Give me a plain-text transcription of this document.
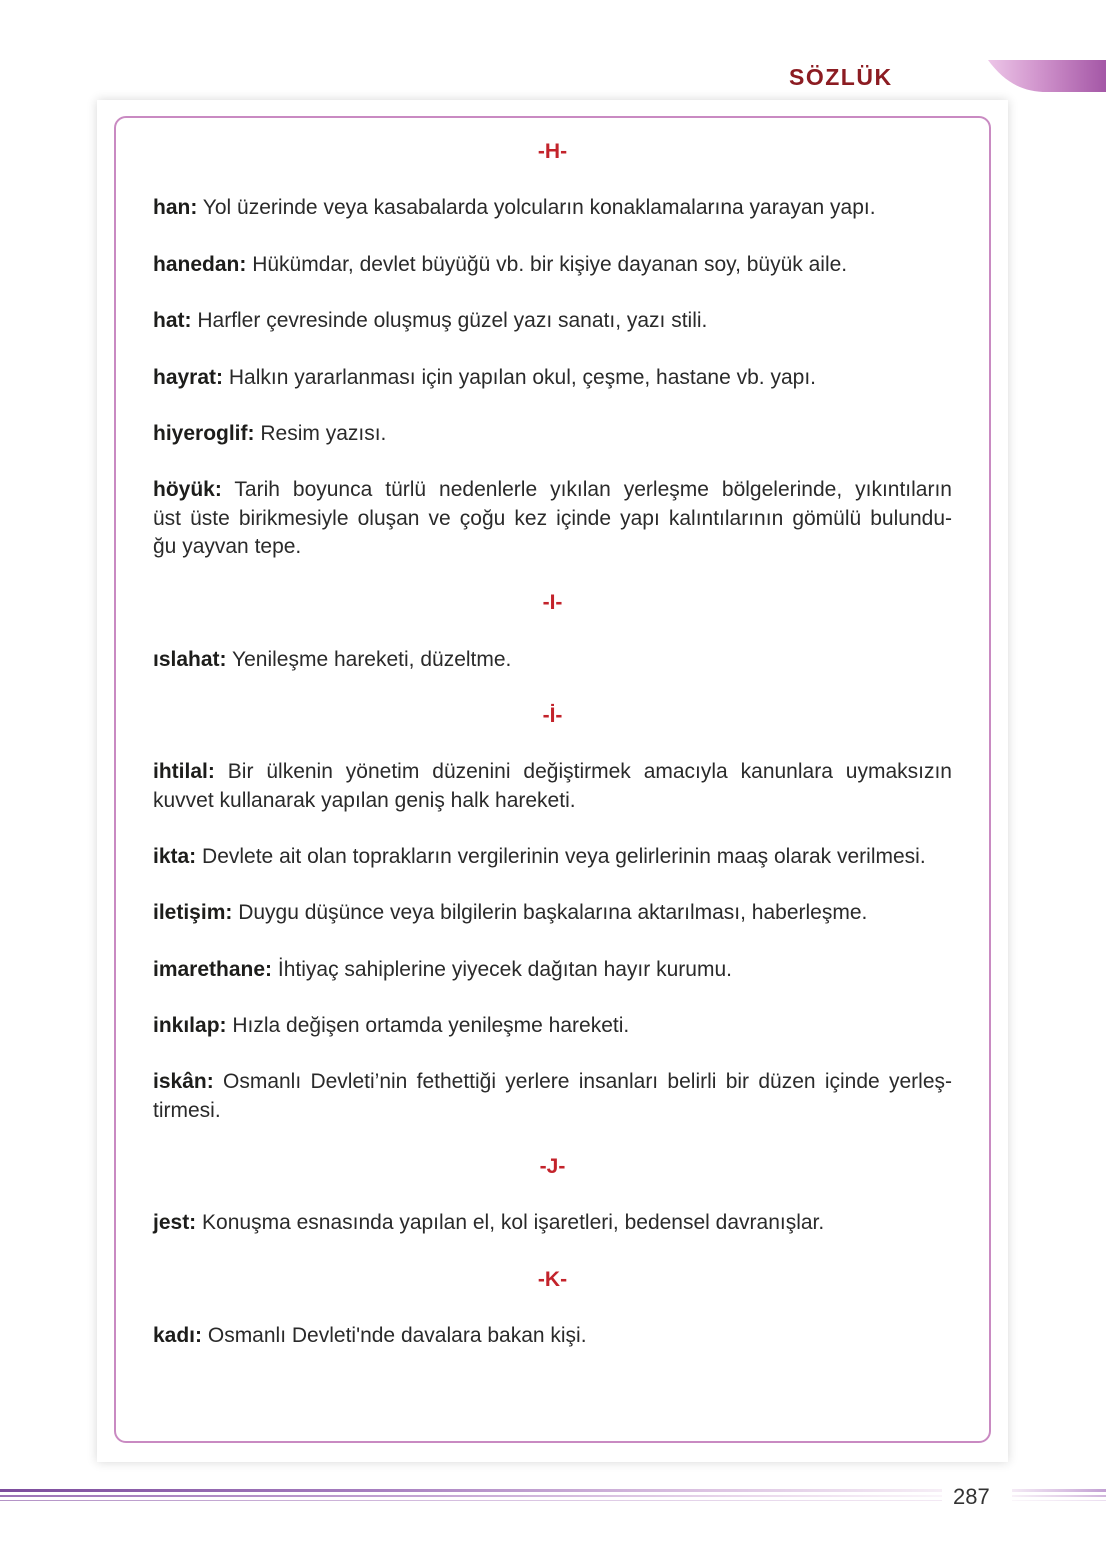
SÖZLÜK
-H-
han: Yol üzerinde veya kasabalarda yolcuların konaklamalarına yarayan yapı.
hanedan: Hükümdar, devlet büyüğü vb. bir kişiye dayanan soy, büyük aile.
hat: Harfler çevresinde oluşmuş güzel yazı sanatı, yazı stili.
hayrat: Halkın yararlanması için yapılan okul, çeşme, hastane vb. yapı.
hiyeroglif: Resim yazısı.
höyük: Tarih boyunca türlü nedenlerle yıkılan yerleşme bölgelerinde, yıkıntıların
üst üste birikmesiyle oluşan ve çoğu kez içinde yapı kalıntılarının gömülü bulundu-
ğu yayvan tepe.
-I-
ıslahat: Yenileşme hareketi, düzeltme.
-İ-
ihtilal: Bir ülkenin yönetim düzenini değiştirmek amacıyla kanunlara uymaksızın
kuvvet kullanarak yapılan geniş halk hareketi.
ikta: Devlete ait olan toprakların vergilerinin veya gelirlerinin maaş olarak verilmesi.
iletişim: Duygu düşünce veya bilgilerin başkalarına aktarılması, haberleşme.
imarethane: İhtiyaç sahiplerine yiyecek dağıtan hayır kurumu.
inkılap: Hızla değişen ortamda yenileşme hareketi.
iskân: Osmanlı Devleti’nin fethettiği yerlere insanları belirli bir düzen içinde yerleş-
tirmesi.
-J-
jest: Konuşma esnasında yapılan el, kol işaretleri, bedensel davranışlar.
-K-
kadı: Osmanlı Devleti'nde davalara bakan kişi.
287
